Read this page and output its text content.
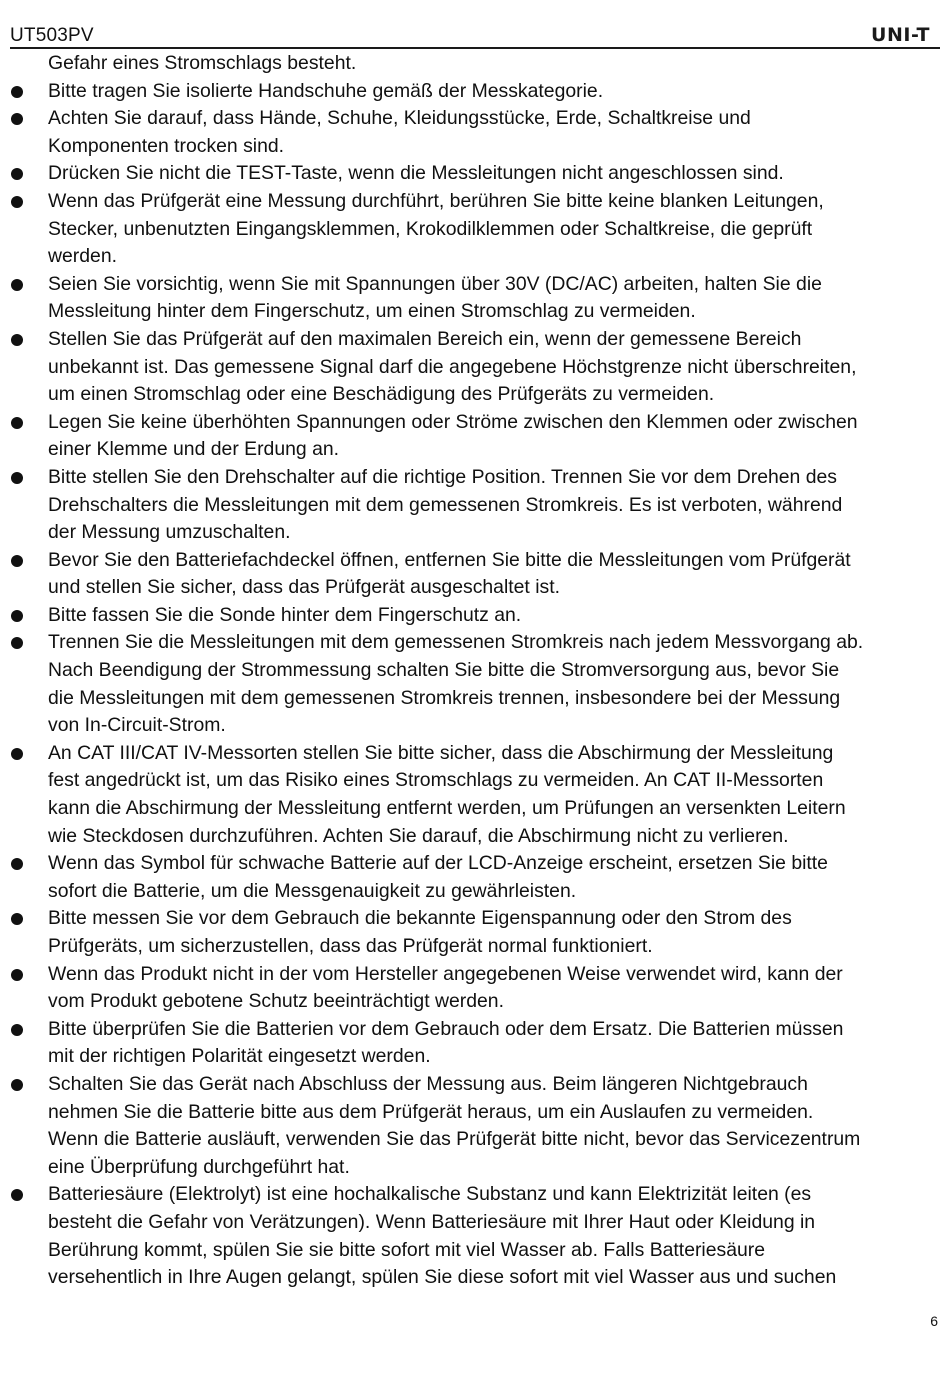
UT503PV	UNI-T
Gefahr eines Stromschlags besteht.
Bitte tragen Sie isolierte Handschuhe gemäß der Messkategorie.
Achten Sie darauf, dass Hände, Schuhe, Kleidungsstücke, Erde, Schaltkreise und
Komponenten trocken sind.
Drücken Sie nicht die TEST-Taste, wenn die Messleitungen nicht angeschlossen sind.
Wenn das Prüfgerät eine Messung durchführt, berühren Sie bitte keine blanken Leitungen,
Stecker, unbenutzten Eingangsklemmen, Krokodilklemmen oder Schaltkreise, die geprüft
werden.
Seien Sie vorsichtig, wenn Sie mit Spannungen über 30V (DC/AC) arbeiten, halten Sie die
Messleitung hinter dem Fingerschutz, um einen Stromschlag zu vermeiden.
Stellen Sie das Prüfgerät auf den maximalen Bereich ein, wenn der gemessene Bereich
unbekannt ist. Das gemessene Signal darf die angegebene Höchstgrenze nicht überschreiten,
um einen Stromschlag oder eine Beschädigung des Prüfgeräts zu vermeiden.
Legen Sie keine überhöhten Spannungen oder Ströme zwischen den Klemmen oder zwischen
einer Klemme und der Erdung an.
Bitte stellen Sie den Drehschalter auf die richtige Position. Trennen Sie vor dem Drehen des
Drehschalters die Messleitungen mit dem gemessenen Stromkreis. Es ist verboten, während
der Messung umzuschalten.
Bevor Sie den Batteriefachdeckel öffnen, entfernen Sie bitte die Messleitungen vom Prüfgerät
und stellen Sie sicher, dass das Prüfgerät ausgeschaltet ist.
Bitte fassen Sie die Sonde hinter dem Fingerschutz an.
Trennen Sie die Messleitungen mit dem gemessenen Stromkreis nach jedem Messvorgang ab.
Nach Beendigung der Strommessung schalten Sie bitte die Stromversorgung aus, bevor Sie
die Messleitungen mit dem gemessenen Stromkreis trennen, insbesondere bei der Messung
von In-Circuit-Strom.
An CAT III/CAT IV-Messorten stellen Sie bitte sicher, dass die Abschirmung der Messleitung
fest angedrückt ist, um das Risiko eines Stromschlags zu vermeiden. An CAT II-Messorten
kann die Abschirmung der Messleitung entfernt werden, um Prüfungen an versenkten Leitern
wie Steckdosen durchzuführen. Achten Sie darauf, die Abschirmung nicht zu verlieren.
Wenn das Symbol für schwache Batterie auf der LCD-Anzeige erscheint, ersetzen Sie bitte
sofort die Batterie, um die Messgenauigkeit zu gewährleisten.
Bitte messen Sie vor dem Gebrauch die bekannte Eigenspannung oder den Strom des
Prüfgeräts, um sicherzustellen, dass das Prüfgerät normal funktioniert.
Wenn das Produkt nicht in der vom Hersteller angegebenen Weise verwendet wird, kann der
vom Produkt gebotene Schutz beeinträchtigt werden.
Bitte überprüfen Sie die Batterien vor dem Gebrauch oder dem Ersatz. Die Batterien müssen
mit der richtigen Polarität eingesetzt werden.
Schalten Sie das Gerät nach Abschluss der Messung aus. Beim längeren Nichtgebrauch
nehmen Sie die Batterie bitte aus dem Prüfgerät heraus, um ein Auslaufen zu vermeiden.
Wenn die Batterie ausläuft, verwenden Sie das Prüfgerät bitte nicht, bevor das Servicezentrum
eine Überprüfung durchgeführt hat.
Batteriesäure (Elektrolyt) ist eine hochalkalische Substanz und kann Elektrizität leiten (es
besteht die Gefahr von Verätzungen). Wenn Batteriesäure mit Ihrer Haut oder Kleidung in
Berührung kommt, spülen Sie sie bitte sofort mit viel Wasser ab. Falls Batteriesäure
versehentlich in Ihre Augen gelangt, spülen Sie diese sofort mit viel Wasser aus und suchen
6
